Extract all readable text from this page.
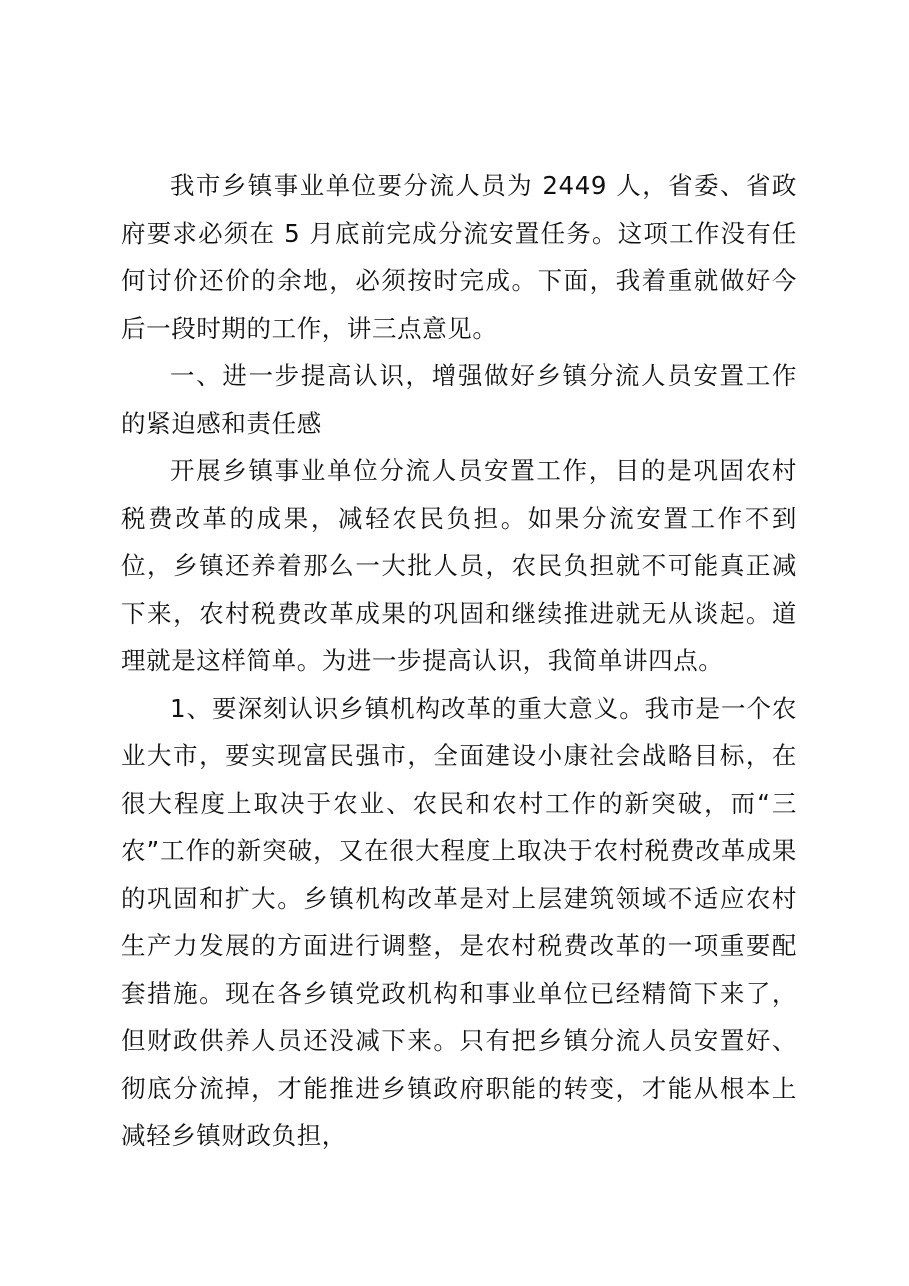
我市乡镇事业单位要分流人员为 2449 人，省委、省政府要求必须在 5 月底前完成分流安置任务。这项工作没有任何讨价还价的余地，必须按时完成。下面，我着重就做好今后一段时期的工作，讲三点意见。

一、进一步提高认识，增强做好乡镇分流人员安置工作的紧迫感和责任感

开展乡镇事业单位分流人员安置工作，目的是巩固农村税费改革的成果，减轻农民负担。如果分流安置工作不到位，乡镇还养着那么一大批人员，农民负担就不可能真正减下来，农村税费改革成果的巩固和继续推进就无从谈起。道理就是这样简单。为进一步提高认识，我简单讲四点。

1、要深刻认识乡镇机构改革的重大意义。我市是一个农业大市，要实现富民强市，全面建设小康社会战略目标，在很大程度上取决于农业、农民和农村工作的新突破，而“三农”工作的新突破，又在很大程度上取决于农村税费改革成果的巩固和扩大。乡镇机构改革是对上层建筑领域不适应农村生产力发展的方面进行调整，是农村税费改革的一项重要配套措施。现在各乡镇党政机构和事业单位已经精简下来了，但财政供养人员还没减下来。只有把乡镇分流人员安置好、彻底分流掉，才能推进乡镇政府职能的转变，才能从根本上减轻乡镇财政负担，
